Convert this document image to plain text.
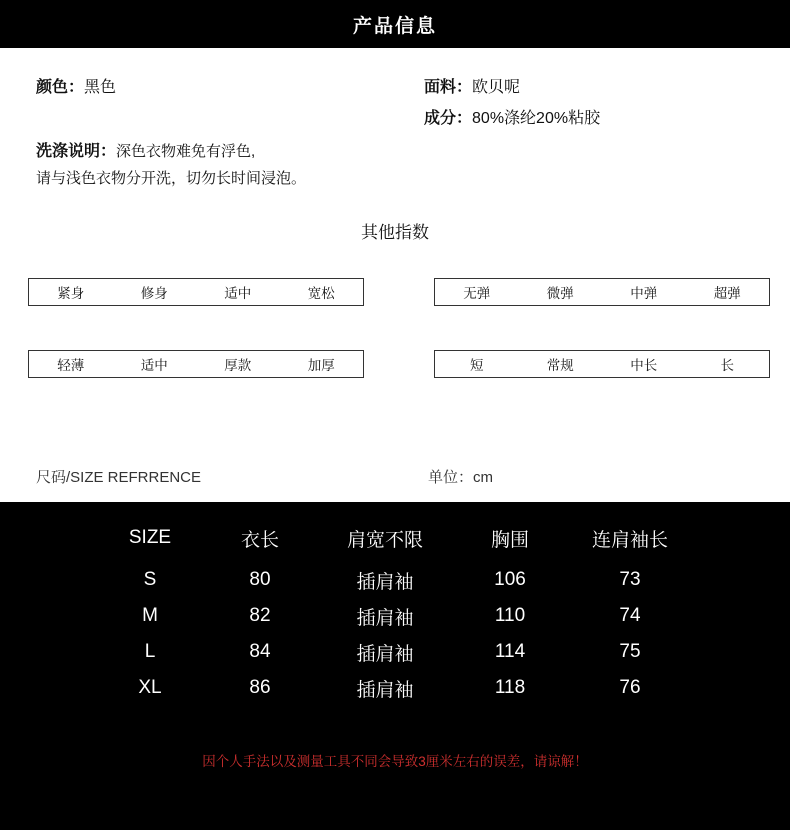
产品信息
颜色：黑色	面料：欧贝呢
成分：80%涤纶20%粘胶
洗涤说明：深色衣物难免有浮色,
请与浅色衣物分开洗，切勿长时间浸泡。
其他指数
紧身	修身	适中	宽松	无弹	微弹	中弹	超弹
轻薄	适中	厚款	加厚	短	常规	中长	长
尺码/SIZE REFRRENCE	单位：cm
SIZE	衣长	肩宽不限	胸围	连肩袖长
S	80	插肩袖	106	73
M	82	插肩袖	110	74
L	84	插肩袖	114	75
XL	86	插肩袖	118	76
因个人手法以及测量工具不同会导致3厘米左右的误差，请谅解！
